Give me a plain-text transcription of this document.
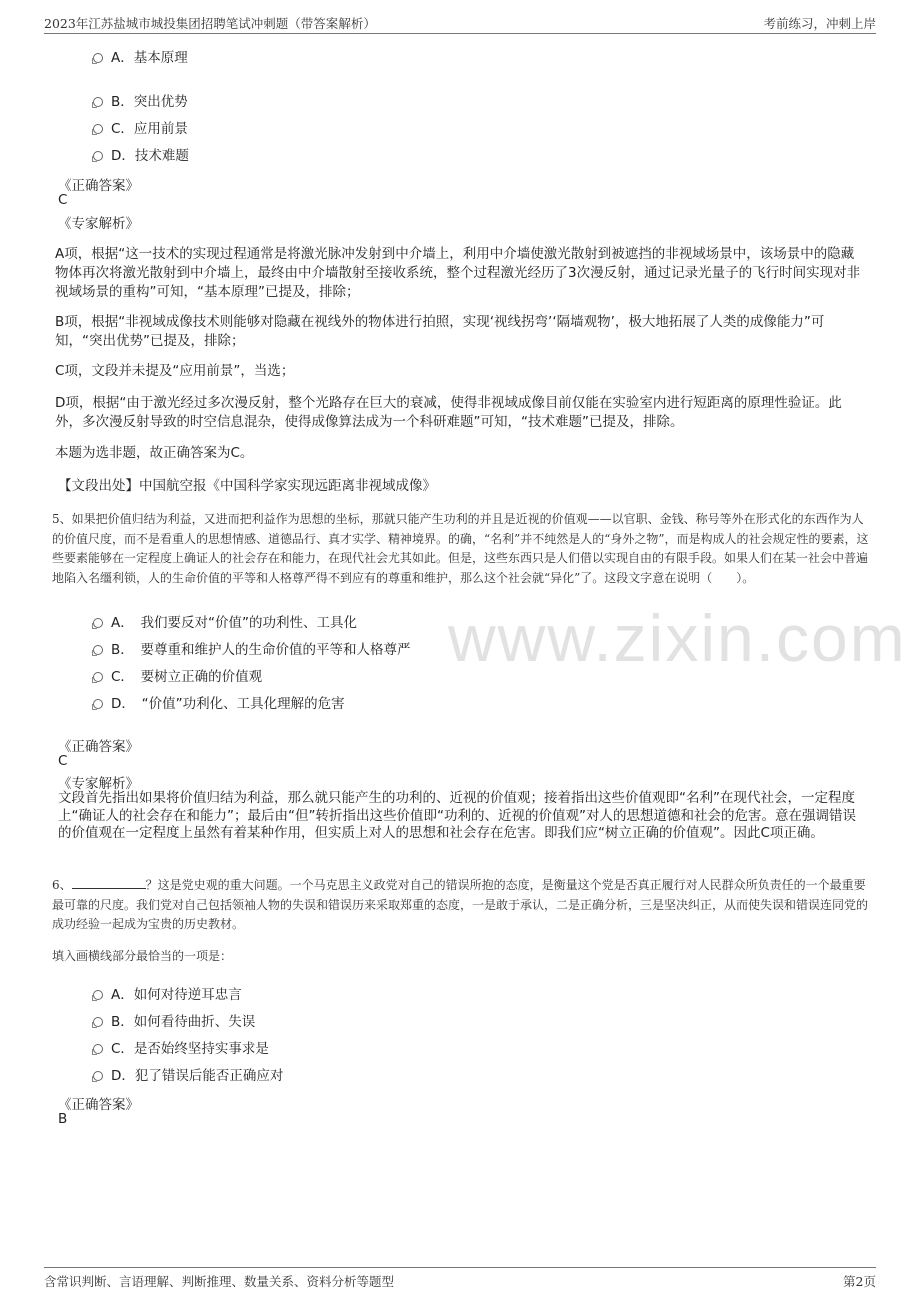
2023年江苏盐城市城投集团招聘笔试冲刺题（带答案解析）	考前练习，冲刺上岸
A．基本原理
B．突出优势
C．应用前景
D．技术难题
《正确答案》
C
《专家解析》
A项，根据“这一技术的实现过程通常是将激光脉冲发射到中介墙上，利用中介墙使激光散射到被遮挡的非视域场景中，该场景中的隐藏物体再次将激光散射到中介墙上，最终由中介墙散射至接收系统，整个过程激光经历了3次漫反射，通过记录光量子的飞行时间实现对非视域场景的重构”可知，“基本原理”已提及，排除；
B项，根据“非视域成像技术则能够对隐藏在视线外的物体进行拍照，实现‘视线拐弯’‘隔墙观物’，极大地拓展了人类的成像能力”可知，“突出优势”已提及，排除；
C项，文段并未提及“应用前景”，当选；
D项，根据“由于激光经过多次漫反射，整个光路存在巨大的衰减，使得非视域成像目前仅能在实验室内进行短距离的原理性验证。此外，多次漫反射导致的时空信息混杂，使得成像算法成为一个科研难题”可知，“技术难题”已提及，排除。
本题为选非题，故正确答案为C。
【文段出处】中国航空报《中国科学家实现远距离非视域成像》
www.zixin.com
5、如果把价值归结为利益，又进而把利益作为思想的坐标，那就只能产生功利的并且是近视的价值观——以官职、金钱、称号等外在形式化的东西作为人的价值尺度，而不是看重人的思想情感、道德品行、真才实学、精神境界。的确，“名利”并不纯然是人的“身外之物”，而是构成人的社会规定性的要素，这些要素能够在一定程度上确证人的社会存在和能力，在现代社会尤其如此。但是，这些东西只是人们借以实现自由的有限手段。如果人们在某一社会中普遍地陷入名缰利锁，人的生命价值的平等和人格尊严得不到应有的尊重和维护，那么这个社会就“异化”了。这段文字意在说明（　　）。
A．　我们要反对“价值”的功利性、工具化
B．　要尊重和维护人的生命价值的平等和人格尊严
C．　要树立正确的价值观
D．　“价值”功利化、工具化理解的危害
《正确答案》
C
《专家解析》
文段首先指出如果将价值归结为利益，那么就只能产生的功利的、近视的价值观；接着指出这些价值观即“名利”在现代社会，一定程度上“确证人的社会存在和能力”；最后由“但”转折指出这些价值即“功利的、近视的价值观”对人的思想道德和社会的危害。意在强调错误的价值观在一定程度上虽然有着某种作用，但实质上对人的思想和社会存在危害。即我们应“树立正确的价值观”。因此C项正确。
6、	？这是党史观的重大问题。一个马克思主义政党对自己的错误所抱的态度，是衡量这个党是否真正履行对人民群众所负责任的一个最重要最可靠的尺度。我们党对自己包括领袖人物的失误和错误历来采取郑重的态度，一是敢于承认，二是正确分析，三是坚决纠正，从而使失误和错误连同党的成功经验一起成为宝贵的历史教材。
填入画横线部分最恰当的一项是：
A．如何对待逆耳忠言
B．如何看待曲折、失误
C．是否始终坚持实事求是
D．犯了错误后能否正确应对
《正确答案》
B
含常识判断、言语理解、判断推理、数量关系、资料分析等题型	第2页
